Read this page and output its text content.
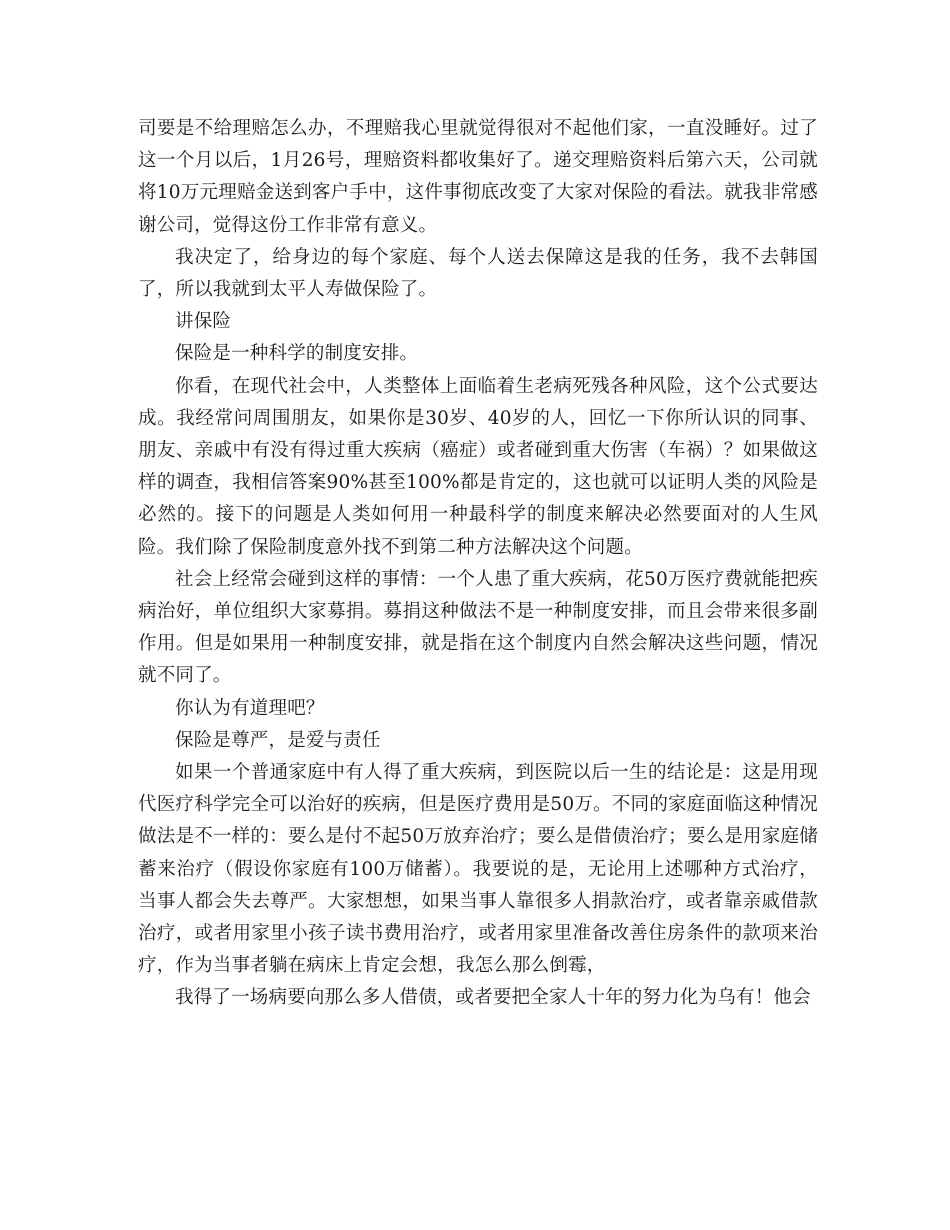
司要是不给理赔怎么办，不理赔我心里就觉得很对不起他们家，一直没睡好。过了这一个月以后，1月26号，理赔资料都收集好了。递交理赔资料后第六天，公司就将10万元理赔金送到客户手中，这件事彻底改变了大家对保险的看法。就我非常感谢公司，觉得这份工作非常有意义。

我决定了，给身边的每个家庭、每个人送去保障这是我的任务，我不去韩国了，所以我就到太平人寿做保险了。

讲保险

保险是一种科学的制度安排。

你看，在现代社会中，人类整体上面临着生老病死残各种风险，这个公式要达成。我经常问周围朋友，如果你是30岁、40岁的人，回忆一下你所认识的同事、朋友、亲戚中有没有得过重大疾病（癌症）或者碰到重大伤害（车祸）？如果做这样的调查，我相信答案90%甚至100%都是肯定的，这也就可以证明人类的风险是必然的。接下的问题是人类如何用一种最科学的制度来解决必然要面对的人生风险。我们除了保险制度意外找不到第二种方法解决这个问题。

社会上经常会碰到这样的事情：一个人患了重大疾病，花50万医疗费就能把疾病治好，单位组织大家募捐。募捐这种做法不是一种制度安排，而且会带来很多副作用。但是如果用一种制度安排，就是指在这个制度内自然会解决这些问题，情况就不同了。

你认为有道理吧？

保险是尊严，是爱与责任

如果一个普通家庭中有人得了重大疾病，到医院以后一生的结论是：这是用现代医疗科学完全可以治好的疾病，但是医疗费用是50万。不同的家庭面临这种情况做法是不一样的：要么是付不起50万放弃治疗；要么是借债治疗；要么是用家庭储蓄来治疗（假设你家庭有100万储蓄）。我要说的是，无论用上述哪种方式治疗，当事人都会失去尊严。大家想想，如果当事人靠很多人捐款治疗，或者靠亲戚借款治疗，或者用家里小孩子读书费用治疗，或者用家里准备改善住房条件的款项来治疗，作为当事者躺在病床上肯定会想，我怎么那么倒霉，

我得了一场病要向那么多人借债，或者要把全家人十年的努力化为乌有！他会
